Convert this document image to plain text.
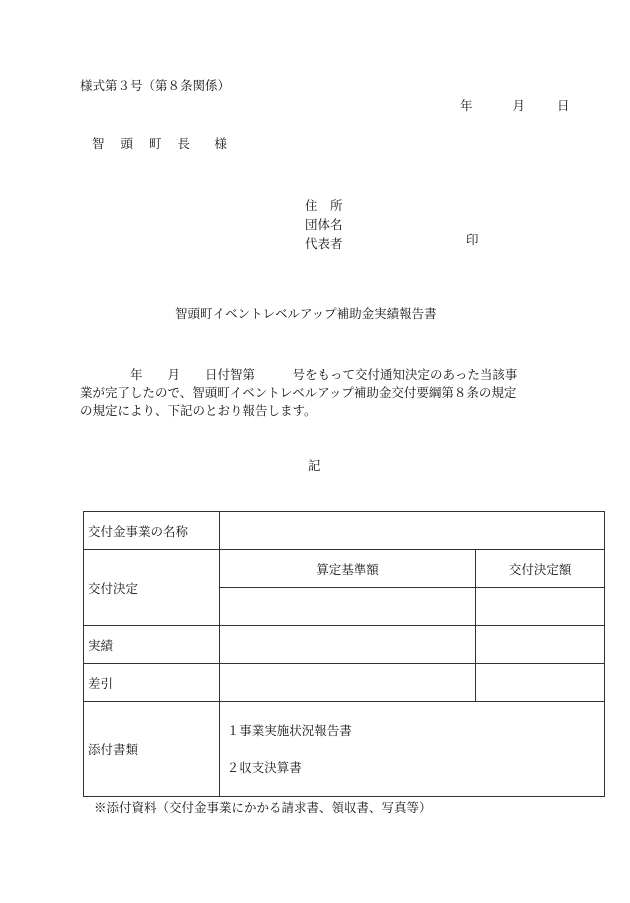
様式第３号（第８条関係）
年	月	日
智 頭 町 長　様
住　所
団体名
代表者	印
智頭町イベントレベルアップ補助金実績報告書
　　　　年　　月　　日付智第　　　号をもって交付通知決定のあった当該事
業が完了したので、智頭町イベントレベルアップ補助金交付要綱第８条の規定
の規定により、下記のとおり報告します。
記
交付金事業の名称		
交付決定	算定基準額	交付決定額

実績		
差引		
添付書類	１事業実施状況報告書
２収支決算書	
※添付資料（交付金事業にかかる請求書、領収書、写真等）
